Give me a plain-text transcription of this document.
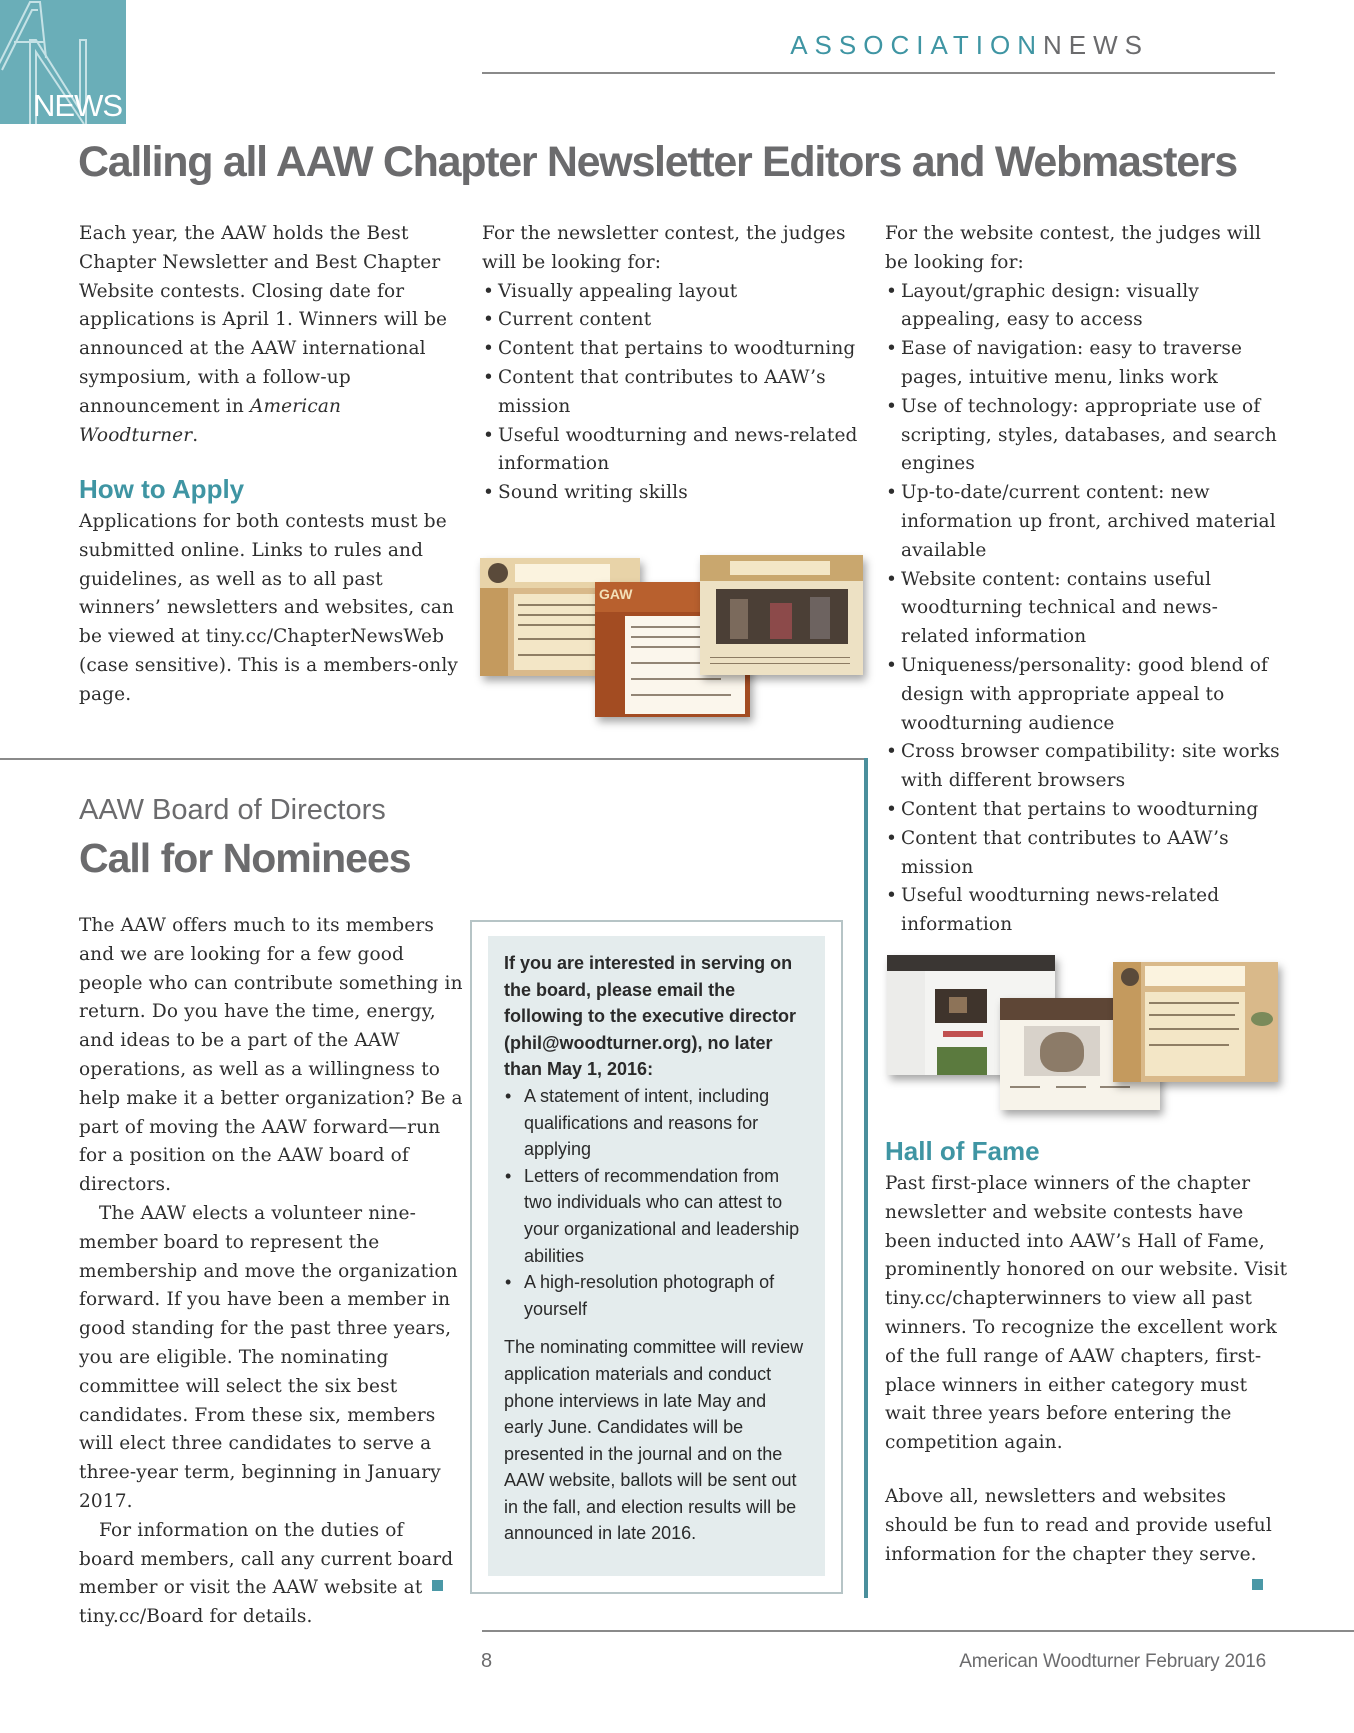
NEWS
ASSOCIATIONNEWS
Calling all AAW Chapter Newsletter Editors and Webmasters

Each year, the AAW holds the Best Chapter Newsletter and Best Chapter Website contests. Closing date for applications is April 1. Winners will be announced at the AAW international symposium, with a follow-up announcement in American Woodturner.

How to Apply

Applications for both contests must be submitted online. Links to rules and guidelines, as well as to all past winners’ newsletters and websites, can be viewed at tiny.cc/ChapterNewsWeb (case sensitive). This is a members-only page.

For the newsletter contest, the judges will be looking for:

• Visually appealing layout
• Current content
• Content that pertains to woodturning
• Content that contributes to AAW’s mission
• Useful woodturning and news-related information
• Sound writing skills
GAW

For the website contest, the judges will be looking for:

• Layout/graphic design: visually appealing, easy to access
• Ease of navigation: easy to traverse pages, intuitive menu, links work
• Use of technology: appropriate use of scripting, styles, databases, and search engines
• Up-to-date/current content: new information up front, archived material available
• Website content: contains useful woodturning technical and news-related information
• Uniqueness/personality: good blend of design with appropriate appeal to woodturning audience
• Cross browser compatibility: site works with different browsers
• Content that pertains to woodturning
• Content that contributes to AAW’s mission
• Useful woodturning news-related information
Hall of Fame

Past first-place winners of the chapter newsletter and website contests have been inducted into AAW’s Hall of Fame, prominently honored on our website. Visit tiny.cc/chapterwinners to view all past winners. To recognize the excellent work of the full range of AAW chapters, first-place winners in either category must wait three years before entering the competition again.

Above all, newsletters and websites should be fun to read and provide useful information for the chapter they serve.

AAW Board of Directors
Call for Nominees

The AAW offers much to its members and we are looking for a few good people who can contribute something in return. Do you have the time, energy, and ideas to be a part of the AAW operations, as well as a willingness to help make it a better organization? Be a part of moving the AAW forward—run for a position on the AAW board of directors.

The AAW elects a volunteer nine-member board to represent the membership and move the organization forward. If you have been a member in good standing for the past three years, you are eligible. The nominating committee will select the six best candidates. From these six, members will elect three candidates to serve a three-year term, beginning in January 2017.

For information on the duties of board members, call any current board member or visit the AAW website at tiny.cc/Board for details.

If you are interested in serving on the board, please email the following to the executive director (phil@woodturner.org), no later than May 1, 2016:

• A statement of intent, including qualifications and reasons for applying
• Letters of recommendation from two individuals who can attest to your organizational and leadership abilities
• A high-resolution photograph of yourself

The nominating committee will review application materials and conduct phone interviews in late May and early June. Candidates will be presented in the journal and on the AAW website, ballots will be sent out in the fall, and election results will be announced in late 2016.

8	American Woodturner February 2016
